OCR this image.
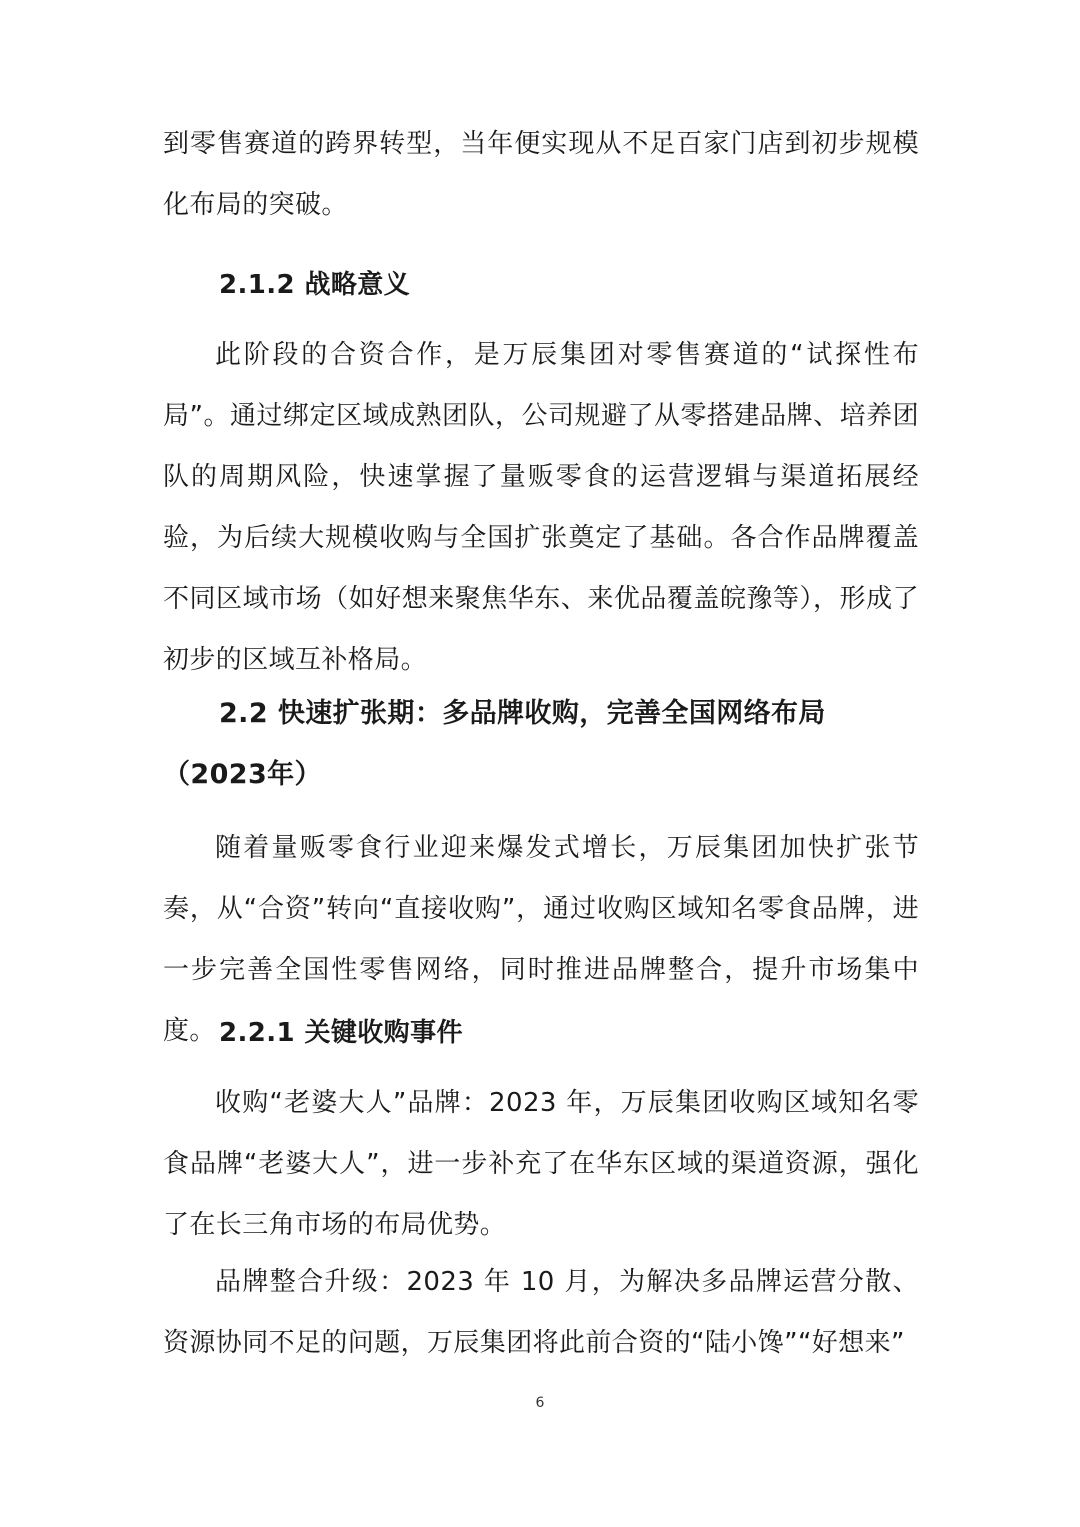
到零售赛道的跨界转型，当年便实现从不足百家门店到初步规模化布局的突破。

2.1.2 战略意义

此阶段的合资合作，是万辰集团对零售赛道的“试探性布局”。通过绑定区域成熟团队，公司规避了从零搭建品牌、培养团队的周期风险，快速掌握了量贩零食的运营逻辑与渠道拓展经验，为后续大规模收购与全国扩张奠定了基础。各合作品牌覆盖不同区域市场（如好想来聚焦华东、来优品覆盖皖豫等），形成了初步的区域互补格局。

2.2 快速扩张期：多品牌收购，完善全国网络布局（2023年）

随着量贩零食行业迎来爆发式增长，万辰集团加快扩张节奏，从“合资”转向“直接收购”，通过收购区域知名零食品牌，进一步完善全国性零售网络，同时推进品牌整合，提升市场集中度。 2.2.1 关键收购事件

收购“老婆大人”品牌：2023 年，万辰集团收购区域知名零食品牌“老婆大人”，进一步补充了在华东区域的渠道资源，强化了在长三角市场的布局优势。

品牌整合升级：2023 年 10 月，为解决多品牌运营分散、资源协同不足的问题，万辰集团将此前合资的“陆小馋”“好想来”

6
